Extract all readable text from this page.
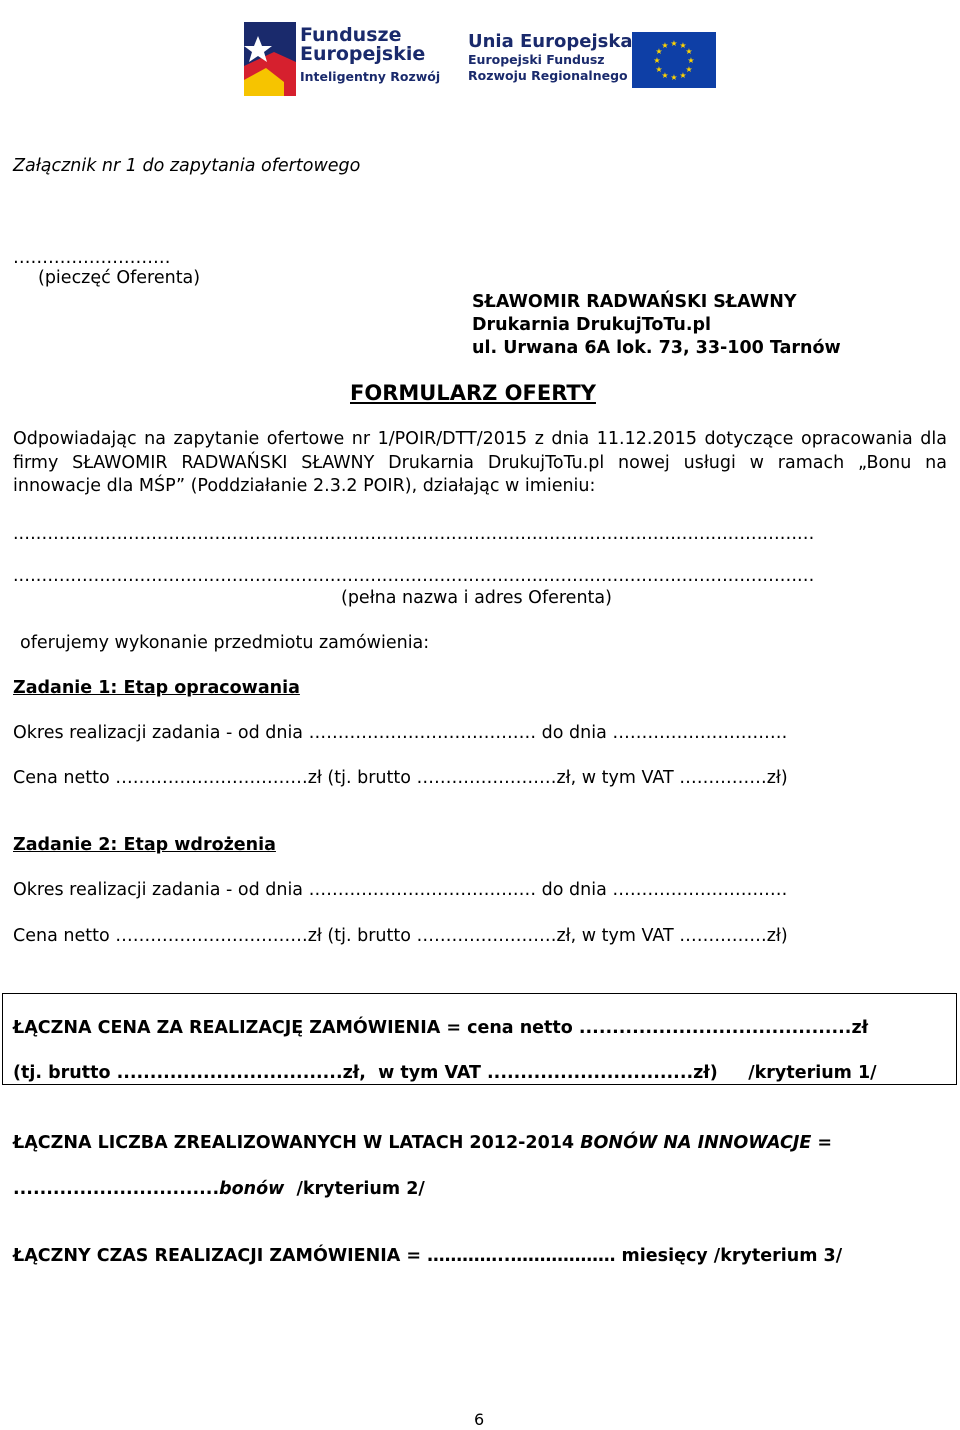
Fundusze
Europejskie
Inteligentny Rozwój
Unia Europejska
Europejski Fundusz
Rozwoju Regionalnego
★ ★
★
★
★
★
★
★
★
★
★
★
Załącznik nr 1 do zapytania ofertowego
………………………
(pieczęć Oferenta)
SŁAWOMIR RADWAŃSKI SŁAWNY
Drukarnia DrukujToTu.pl
ul. Urwana 6A lok. 73, 33-100 Tarnów
FORMULARZ OFERTY
Odpowiadając na zapytanie ofertowe nr 1/POIR/DTT/2015 z dnia 11.12.2015 dotyczące opracowania dla firmy SŁAWOMIR RADWAŃSKI SŁAWNY Drukarnia DrukujToTu.pl nowej usługi w ramach „Bonu na innowacje dla MŚP” (Poddziałanie 2.3.2 POIR), działając w imieniu:
.…………………………………………………………………………………………………………………………
.…………………………………………………………………………………………………………………………
(pełna nazwa i adres Oferenta)
oferujemy wykonanie przedmiotu zamówienia:
Zadanie 1: Etap opracowania
Okres realizacji zadania - od dnia ………………………………… do dnia …………………………
Cena netto ……………………………zł (tj. brutto ……………………zł, w tym VAT ……………zł)
Zadanie 2: Etap wdrożenia
Okres realizacji zadania - od dnia ………………………………… do dnia …………………………
Cena netto ……………………………zł (tj. brutto ……………………zł, w tym VAT ……………zł)
ŁĄCZNA CENA ZA REALIZACJĘ ZAMÓWIENIA = cena netto .........................................zł
(tj. brutto ..................................zł,  w tym VAT ...............................zł)     /kryterium 1/
ŁĄCZNA LICZBA ZREALIZOWANYCH W LATACH 2012-2014 BONÓW NA INNOWACJE =
...............................bonów  /kryterium 2/
ŁĄCZNY CZAS REALIZACJI ZAMÓWIENIA = …………..……………… miesięcy /kryterium 3/
6
